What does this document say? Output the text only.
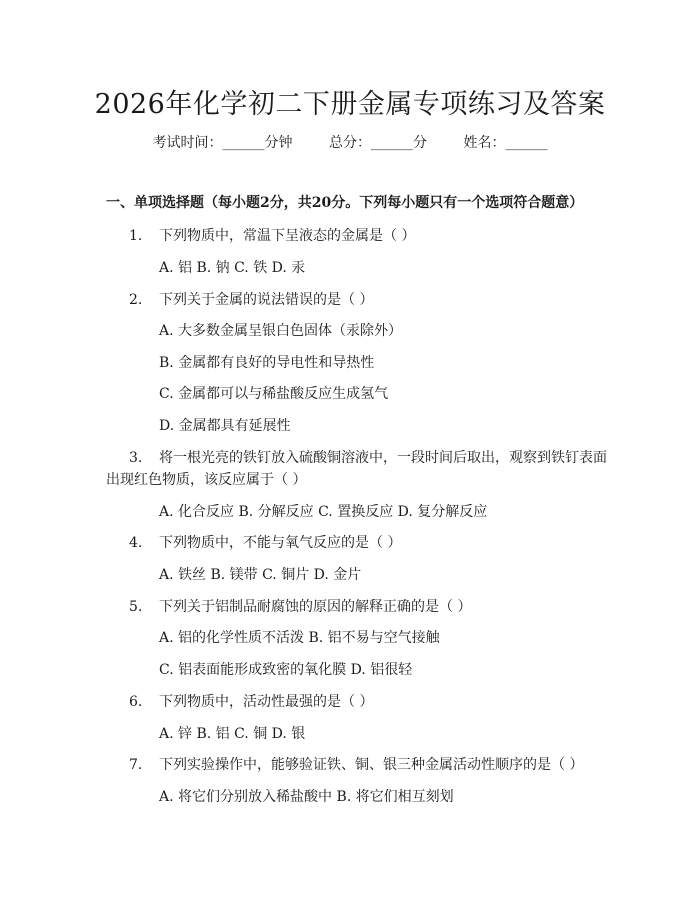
2026年化学初二下册金属专项练习及答案
考试时间：______分钟	总分：______分	姓名：______
一、单项选择题（每小题2分，共20分。下列每小题只有一个选项符合题意）
1. 下列物质中，常温下呈液态的金属是（ ）
A. 铝 B. 钠 C. 铁 D. 汞
2. 下列关于金属的说法错误的是（ ）
A. 大多数金属呈银白色固体（汞除外）
B. 金属都有良好的导电性和导热性
C. 金属都可以与稀盐酸反应生成氢气
D. 金属都具有延展性
3. 将一根光亮的铁钉放入硫酸铜溶液中，一段时间后取出，观察到铁钉表面
出现红色物质，该反应属于（ ）
A. 化合反应 B. 分解反应 C. 置换反应 D. 复分解反应
4. 下列物质中，不能与氧气反应的是（ ）
A. 铁丝 B. 镁带 C. 铜片 D. 金片
5. 下列关于铝制品耐腐蚀的原因的解释正确的是（ ）
A. 铝的化学性质不活泼 B. 铝不易与空气接触
C. 铝表面能形成致密的氧化膜 D. 铝很轻
6. 下列物质中，活动性最强的是（ ）
A. 锌 B. 铝 C. 铜 D. 银
7. 下列实验操作中，能够验证铁、铜、银三种金属活动性顺序的是（ ）
A. 将它们分别放入稀盐酸中 B. 将它们相互刻划
